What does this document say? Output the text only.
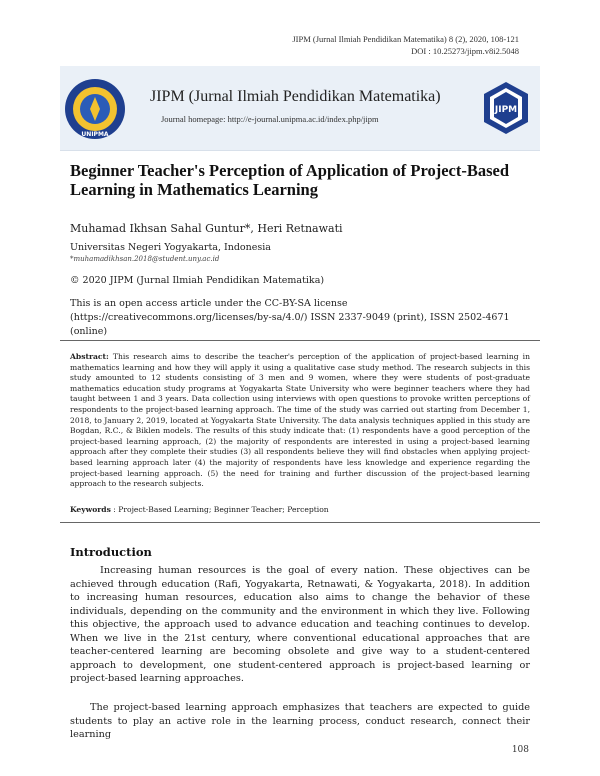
JIPM (Jurnal Ilmiah Pendidikan Matematika) 8 (2), 2020, 108-121
DOI : 10.25273/jipm.v8i2.5048
UNIPMA
JIPM (Jurnal Ilmiah Pendidikan Matematika)
Journal homepage: http://e-journal.unipma.ac.id/index.php/jipm
JIPM
Beginner Teacher's Perception of Application of Project-Based Learning in Mathematics Learning
Muhamad Ikhsan Sahal Guntur*, Heri Retnawati
Universitas Negeri Yogyakarta, Indonesia
*muhamadikhsan.2018@student.uny.ac.id
© 2020 JIPM (Jurnal Ilmiah Pendidikan Matematika)
This is an open access article under the CC-BY-SA license (https://creativecommons.org/licenses/by-sa/4.0/) ISSN 2337-9049 (print), ISSN 2502-4671 (online)
Abstract: This research aims to describe the teacher's perception of the application of project-based learning in mathematics learning and how they will apply it using a qualitative case study method. The research subjects in this study amounted to 12 students consisting of 3 men and 9 women, where they were students of post-graduate mathematics education study programs at Yogyakarta State University who were beginner teachers where they had taught between 1 and 3 years. Data collection using interviews with open questions to provoke written perceptions of respondents to the project-based learning approach. The time of the study was carried out starting from December 1, 2018, to January 2, 2019, located at Yogyakarta State University. The data analysis techniques applied in this study are Bogdan, R.C., & Biklen models. The results of this study indicate that: (1) respondents have a good perception of the project-based learning approach, (2) the majority of respondents are interested in using a project-based learning approach after they complete their studies (3) all respondents believe they will find obstacles when applying project-based learning approach later (4) the majority of respondents have less knowledge and experience regarding the project-based learning approach. (5) the need for training and further discussion of the project-based learning approach to the research subjects.
Keywords : Project-Based Learning; Beginner Teacher; Perception
Introduction
Increasing human resources is the goal of every nation. These objectives can be achieved through education (Rafi, Yogyakarta, Retnawati, & Yogyakarta, 2018). In addition to increasing human resources, education also aims to change the behavior of these individuals, depending on the community and the environment in which they live. Following this objective, the approach used to advance education and teaching continues to develop. When we live in the 21st century, where conventional educational approaches that are teacher-centered learning are becoming obsolete and give way to a student-centered approach to development, one student-centered approach is project-based learning or project-based learning approaches.
The project-based learning approach emphasizes that teachers are expected to guide students to play an active role in the learning process, conduct research, connect their learning
108
